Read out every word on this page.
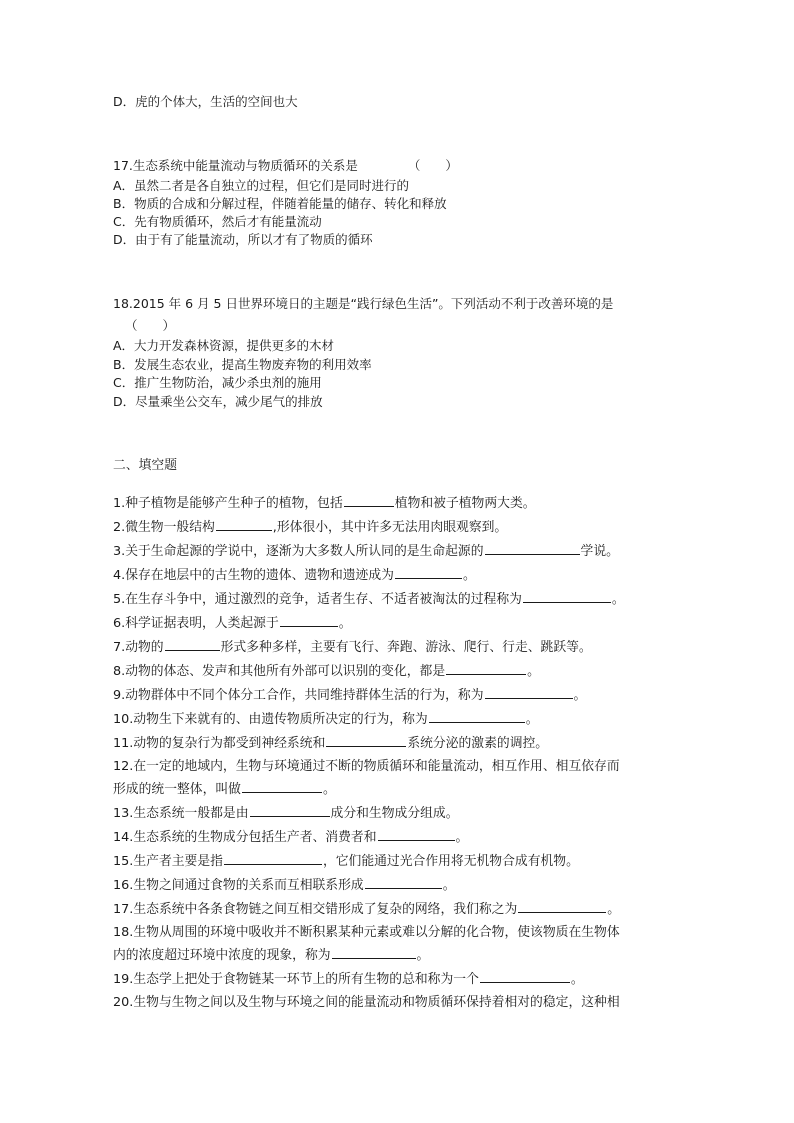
D．虎的个体大，生活的空间也大
17.生态系统中能量流动与物质循环的关系是	（　　）
A．虽然二者是各自独立的过程，但它们是同时进行的
B．物质的合成和分解过程，伴随着能量的储存、转化和释放
C．先有物质循环，然后才有能量流动
D．由于有了能量流动，所以才有了物质的循环
18.2015 年 6 月 5 日世界环境日的主题是“践行绿色生活”。下列活动不利于改善环境的是
（　　）
A．大力开发森林资源，提供更多的木材
B．发展生态农业，提高生物废弃物的利用效率
C．推广生物防治，减少杀虫剂的施用
D．尽量乘坐公交车，减少尾气的排放
二、填空题
1.种子植物是能够产生种子的植物，包括	植物和被子植物两大类。
2.微生物一般结构	,形体很小，其中许多无法用肉眼观察到。
3.关于生命起源的学说中，逐渐为大多数人所认同的是生命起源的	学说。
4.保存在地层中的古生物的遗体、遗物和遗迹成为	。
5.在生存斗争中，通过激烈的竞争，适者生存、不适者被淘汰的过程称为	。
6.科学证据表明，人类起源于	。
7.动物的	形式多种多样，主要有飞行、奔跑、游泳、爬行、行走、跳跃等。
8.动物的体态、发声和其他所有外部可以识别的变化，都是	。
9.动物群体中不同个体分工合作，共同维持群体生活的行为，称为	。
10.动物生下来就有的、由遗传物质所决定的行为，称为	。
11.动物的复杂行为都受到神经系统和	系统分泌的激素的调控。
12.在一定的地域内，生物与环境通过不断的物质循环和能量流动，相互作用、相互依存而
形成的统一整体，叫做	。
13.生态系统一般都是由	成分和生物成分组成。
14.生态系统的生物成分包括生产者、消费者和	。
15.生产者主要是指	，它们能通过光合作用将无机物合成有机物。
16.生物之间通过食物的关系而互相联系形成	。
17.生态系统中各条食物链之间互相交错形成了复杂的网络，我们称之为	。
18.生物从周围的环境中吸收并不断积累某种元素或难以分解的化合物，使该物质在生物体
内的浓度超过环境中浓度的现象，称为	。
19.生态学上把处于食物链某一环节上的所有生物的总和称为一个	。
20.生物与生物之间以及生物与环境之间的能量流动和物质循环保持着相对的稳定，这种相
